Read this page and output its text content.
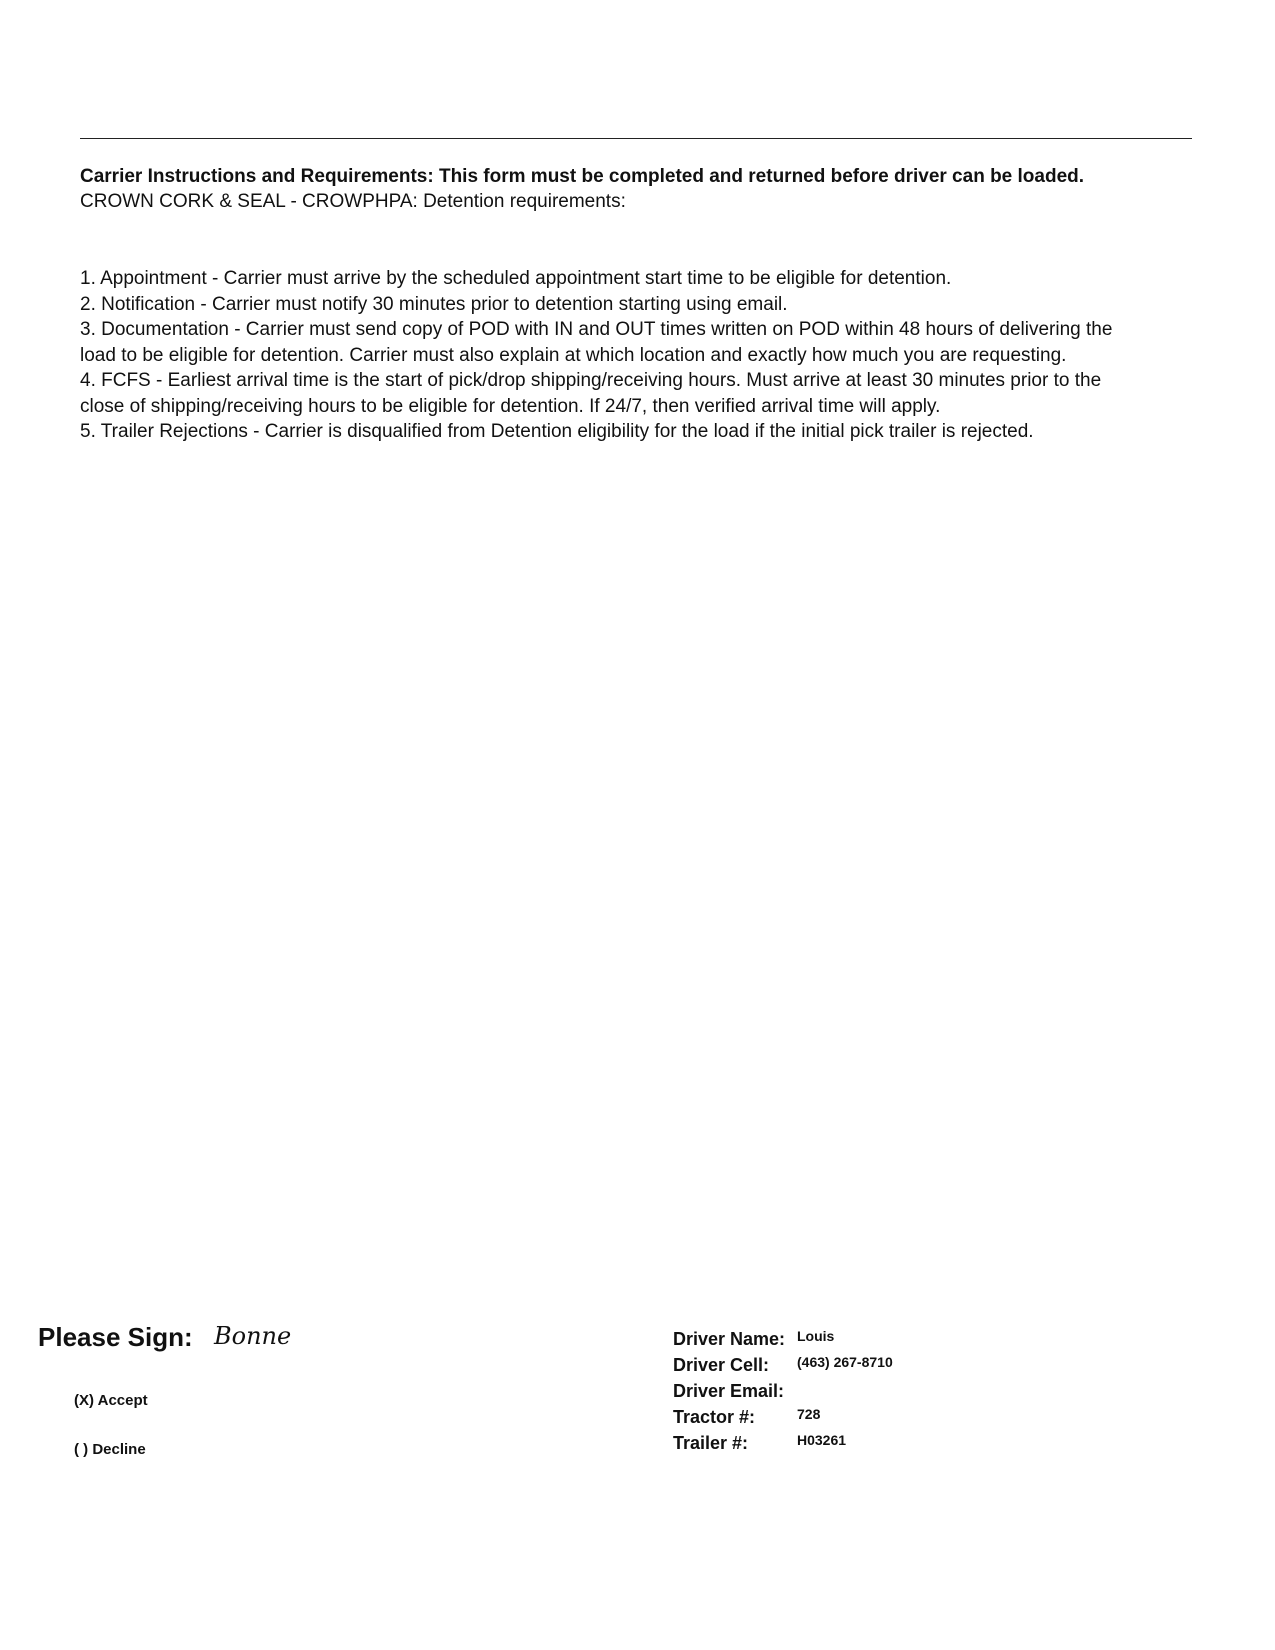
Carrier Instructions and Requirements: This form must be completed and returned before driver can be loaded.
CROWN CORK & SEAL - CROWPHPA: Detention requirements:
1. Appointment - Carrier must arrive by the scheduled appointment start time to be eligible for detention.
2. Notification - Carrier must notify 30 minutes prior to detention starting using email.
3. Documentation - Carrier must send copy of POD with IN and OUT times written on POD within 48 hours of delivering the load to be eligible for detention. Carrier must also explain at which location and exactly how much you are requesting.
4. FCFS - Earliest arrival time is the start of pick/drop shipping/receiving hours. Must arrive at least 30 minutes prior to the close of shipping/receiving hours to be eligible for detention. If 24/7, then verified arrival time will apply.
5. Trailer Rejections - Carrier is disqualified from Detention eligibility for the load if the initial pick trailer is rejected.
Please Sign: Bonne
(X) Accept
( ) Decline
Driver Name: Louis
Driver Cell: (463) 267-8710
Driver Email:
Tractor #:	728
Trailer #:	H03261
